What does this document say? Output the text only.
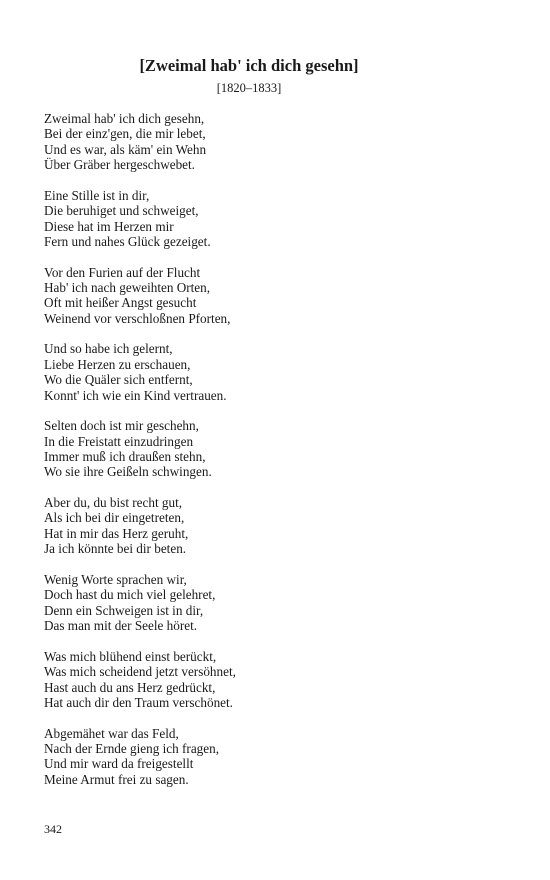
[Zweimal hab' ich dich gesehn]
[1820–1833]
Zweimal hab' ich dich gesehn,
Bei der einz'gen, die mir lebet,
Und es war, als käm' ein Wehn
Über Gräber hergeschwebet.
Eine Stille ist in dir,
Die beruhiget und schweiget,
Diese hat im Herzen mir
Fern und nahes Glück gezeiget.
Vor den Furien auf der Flucht
Hab' ich nach geweihten Orten,
Oft mit heißer Angst gesucht
Weinend vor verschloßnen Pforten,
Und so habe ich gelernt,
Liebe Herzen zu erschauen,
Wo die Quäler sich entfernt,
Konnt' ich wie ein Kind vertrauen.
Selten doch ist mir geschehn,
In die Freistatt einzudringen
Immer muß ich draußen stehn,
Wo sie ihre Geißeln schwingen.
Aber du, du bist recht gut,
Als ich bei dir eingetreten,
Hat in mir das Herz geruht,
Ja ich könnte bei dir beten.
Wenig Worte sprachen wir,
Doch hast du mich viel gelehret,
Denn ein Schweigen ist in dir,
Das man mit der Seele höret.
Was mich blühend einst berückt,
Was mich scheidend jetzt versöhnet,
Hast auch du ans Herz gedrückt,
Hat auch dir den Traum verschönet.
Abgemähet war das Feld,
Nach der Ernde gieng ich fragen,
Und mir ward da freigestellt
Meine Armut frei zu sagen.
342
